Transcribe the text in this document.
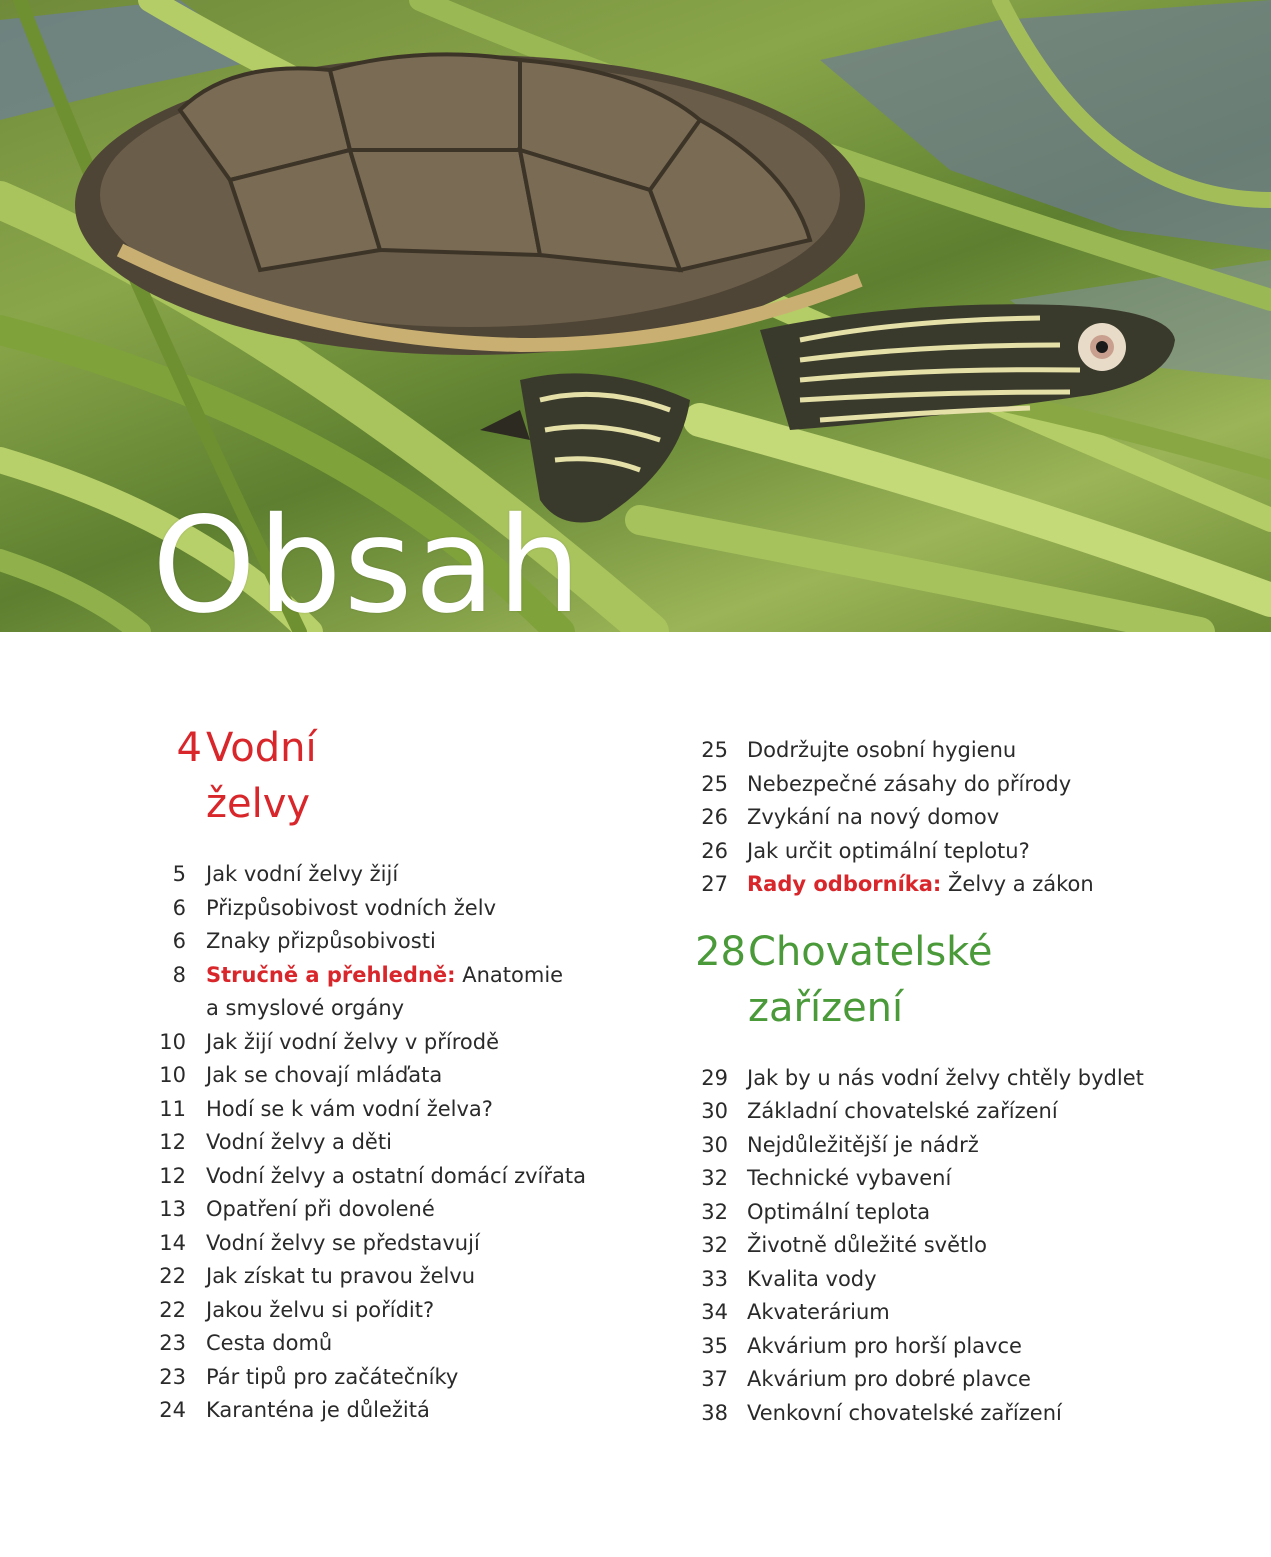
Obsah
4 Vodní
želvy
5 Jak vodní želvy žijí
6 Přizpůsobivost vodních želv
6 Znaky přizpůsobivosti
8 Stručně a přehledně: Anatomie
a smyslové orgány
10 Jak žijí vodní želvy v přírodě
10 Jak se chovají mláďata
11 Hodí se k vám vodní želva?
12 Vodní želvy a děti
12 Vodní želvy a ostatní domácí zvířata
13 Opatření při dovolené
14 Vodní želvy se představují
22 Jak získat tu pravou želvu
22 Jakou želvu si pořídit?
23 Cesta domů
23 Pár tipů pro začátečníky
24 Karanténa je důležitá
25 Dodržujte osobní hygienu
25 Nebezpečné zásahy do přírody
26 Zvykání na nový domov
26 Jak určit optimální teplotu?
27 Rady odborníka: Želvy a zákon
28 Chovatelské
zařízení
29 Jak by u nás vodní želvy chtěly bydlet
30 Základní chovatelské zařízení
30 Nejdůležitější je nádrž
32 Technické vybavení
32 Optimální teplota
32 Životně důležité světlo
33 Kvalita vody
34 Akvaterárium
35 Akvárium pro horší plavce
37 Akvárium pro dobré plavce
38 Venkovní chovatelské zařízení
